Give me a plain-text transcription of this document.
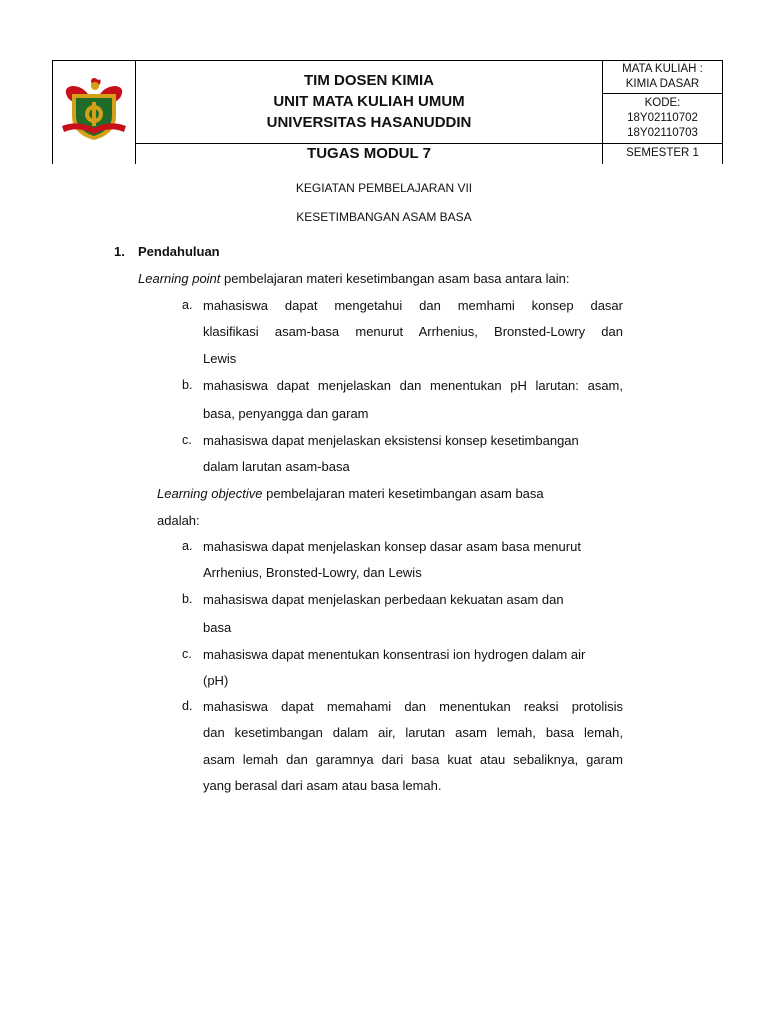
TIM DOSEN KIMIA
UNIT MATA KULIAH UMUM
UNIVERSITAS HASANUDDIN
TUGAS MODUL 7
MATA KULIAH :
KIMIA DASAR
KODE:
18Y02110702
18Y02110703
SEMESTER 1
KEGIATAN PEMBELAJARAN VII
KESETIMBANGAN ASAM BASA
1. Pendahuluan
Learning point pembelajaran materi kesetimbangan asam basa antara lain:
a. mahasiswa dapat mengetahui dan memhami konsep dasar
klasifikasi asam-basa menurut Arrhenius, Bronsted-Lowry dan
Lewis
b. mahasiswa dapat menjelaskan dan menentukan pH larutan: asam,
basa, penyangga dan garam
c. mahasiswa dapat menjelaskan eksistensi konsep kesetimbangan
dalam larutan asam-basa
Learning objective pembelajaran materi kesetimbangan asam basa
adalah:
a. mahasiswa dapat menjelaskan konsep dasar asam basa menurut
Arrhenius, Bronsted-Lowry, dan Lewis
b. mahasiswa dapat menjelaskan perbedaan kekuatan asam dan
basa
c. mahasiswa dapat menentukan konsentrasi ion hydrogen dalam air
(pH)
d. mahasiswa dapat memahami dan menentukan reaksi protolisis
dan kesetimbangan dalam air, larutan asam lemah, basa lemah,
asam lemah dan garamnya dari basa kuat atau sebaliknya, garam
yang berasal dari asam atau basa lemah.
